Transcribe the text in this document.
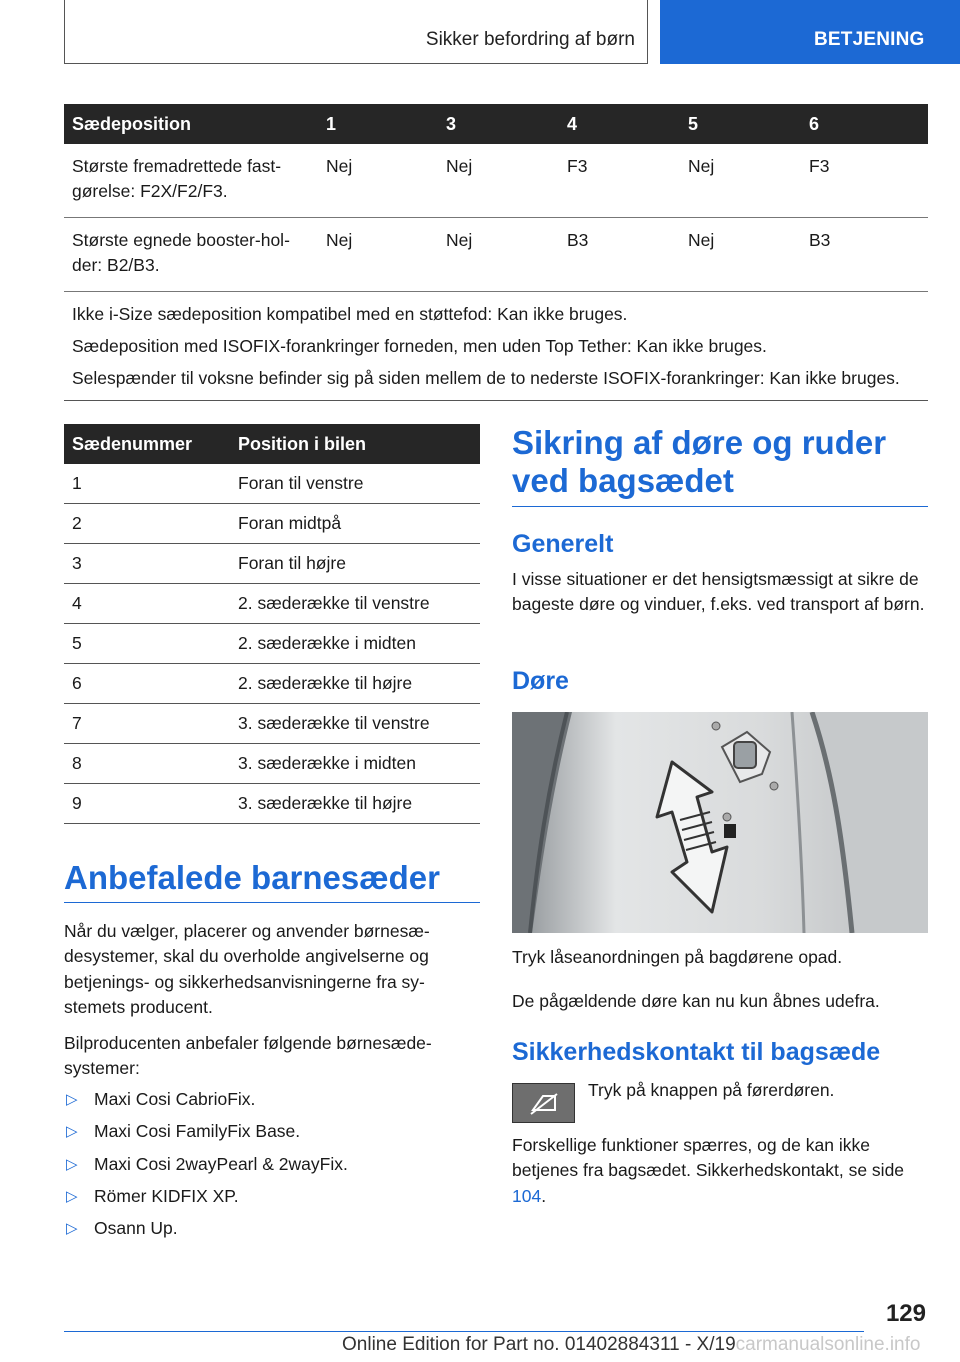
Sikker befordring af børn	BETJENING
Sædeposition	1	3	4	5	6
Største fremadrettede fast-gørelse: F2X/F2/F3.	Nej	Nej	F3	Nej	F3
Største egnede booster-hol-der: B2/B3.	Nej	Nej	B3	Nej	B3

Ikke i-Size sædeposition kompatibel med en støttefod: Kan ikke bruges.

Sædeposition med ISOFIX-forankringer forneden, men uden Top Tether: Kan ikke bruges.

Selespænder til voksne befinder sig på siden mellem de to nederste ISOFIX-forankringer: Kan ikke bruges.					

Sædenummer	Position i bilen
1	Foran til venstre
2	Foran midtpå
3	Foran til højre
4	2. sæderække til venstre
5	2. sæderække i midten
6	2. sæderække til højre
7	3. sæderække til venstre
8	3. sæderække i midten
9	3. sæderække til højre
Anbefalede barnesæder

Når du vælger, placerer og anvender børnesæ-desystemer, skal du overholde angivelserne og betjenings- og sikkerhedsanvisningerne fra sy-stemets producent.

Bilproducenten anbefaler følgende børnesæde-systemer:

▷ Maxi Cosi CabrioFix.
▷ Maxi Cosi FamilyFix Base.
▷ Maxi Cosi 2wayPearl & 2wayFix.
▷ Römer KIDFIX XP.
▷ Osann Up.
Sikring af døre og ruder ved bagsædet
Generelt

I visse situationer er det hensigtsmæssigt at sikre de bageste døre og vinduer, f.eks. ved transport af børn.

Døre

Tryk låseanordningen på bagdørene opad.

De pågældende døre kan nu kun åbnes udefra.

Sikkerhedskontakt til bagsæde

Tryk på knappen på førerdøren.

Forskellige funktioner spærres, og de kan ikke betjenes fra bagsædet. Sikkerhedskontakt, se side 104.

129
Online Edition for Part no. 01402884311 - X/19carmanualsonline.info
